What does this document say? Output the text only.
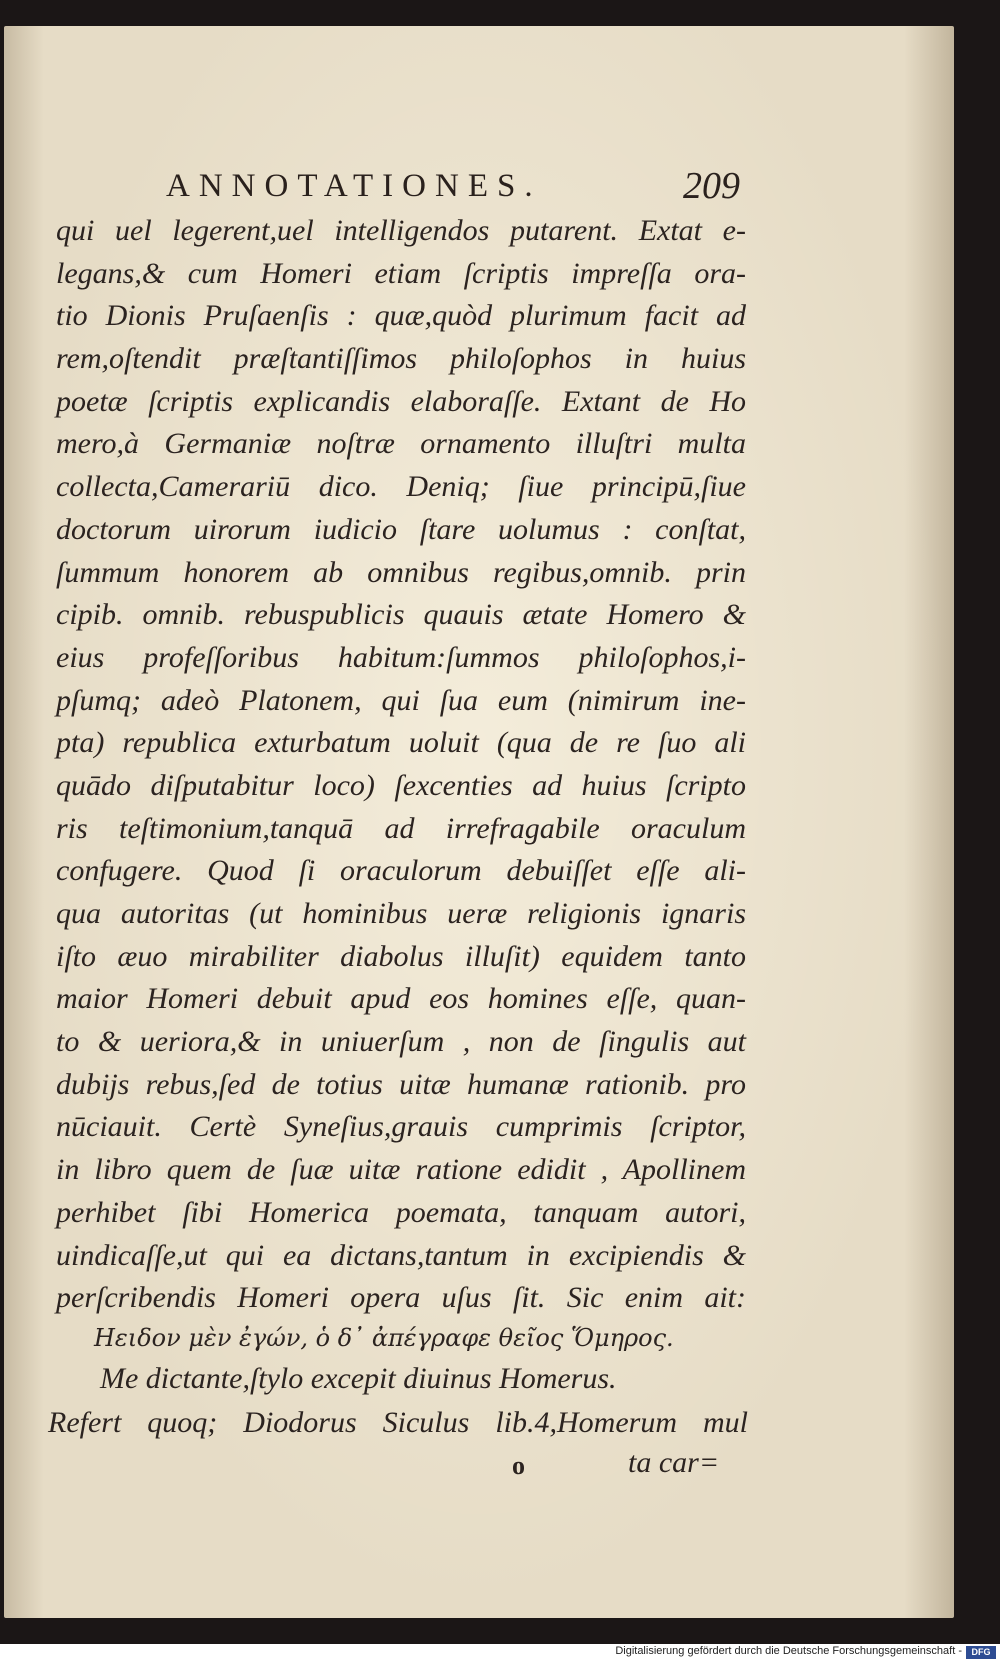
ANNOTATIONES.	209
qui uel legerent,uel intelligendos putarent. Extat e-
legans,& cum Homeri etiam ſcriptis impreſſa ora-
tio Dionis Pruſaenſis : quæ,quòd plurimum facit ad
rem,oſtendit præſtantiſſimos philoſophos in huius
poetæ ſcriptis explicandis elaboraſſe. Extant de Ho
mero,à Germaniæ noſtræ ornamento illuſtri multa
collecta,Camerariū dico. Deniq; ſiue principū,ſiue
doctorum uirorum iudicio ſtare uolumus : conſtat,
ſummum honorem ab omnibus regibus,omnib. prin
cipib. omnib. rebuspublicis quauis ætate Homero &
eius profeſſoribus habitum:ſummos philoſophos,i-
pſumq; adeò Platonem, qui ſua eum (nimirum ine-
pta) republica exturbatum uoluit (qua de re ſuo ali
quādo diſputabitur loco) ſexcenties ad huius ſcripto
ris teſtimonium,tanquā ad irrefragabile oraculum
confugere. Quod ſi oraculorum debuiſſet eſſe ali-
qua autoritas (ut hominibus ueræ religionis ignaris
iſto æuo mirabiliter diabolus illuſit) equidem tanto
maior Homeri debuit apud eos homines eſſe, quan-
to & ueriora,& in uniuerſum , non de ſingulis aut
dubijs rebus,ſed de totius uitæ humanæ rationib. pro
nūciauit. Certè Syneſius,grauis cumprimis ſcriptor,
in libro quem de ſuæ uitæ ratione edidit , Apollinem
perhibet ſibi Homerica poemata, tanquam autori,
uindicaſſe,ut qui ea dictans,tantum in excipiendis &
perſcribendis Homeri opera uſus ſit. Sic enim ait:
Ηειδον μὲν ἐγών, ὁ δ᾽ ἀπέγραφε θεῖος Ὅμηρος.
Me dictante,ſtylo excepit diuinus Homerus.
Refert quoq; Diodorus Siculus lib.4,Homerum mul
o	ta car=
Digitalisierung gefördert durch die Deutsche Forschungsgemeinschaft -	DFG
